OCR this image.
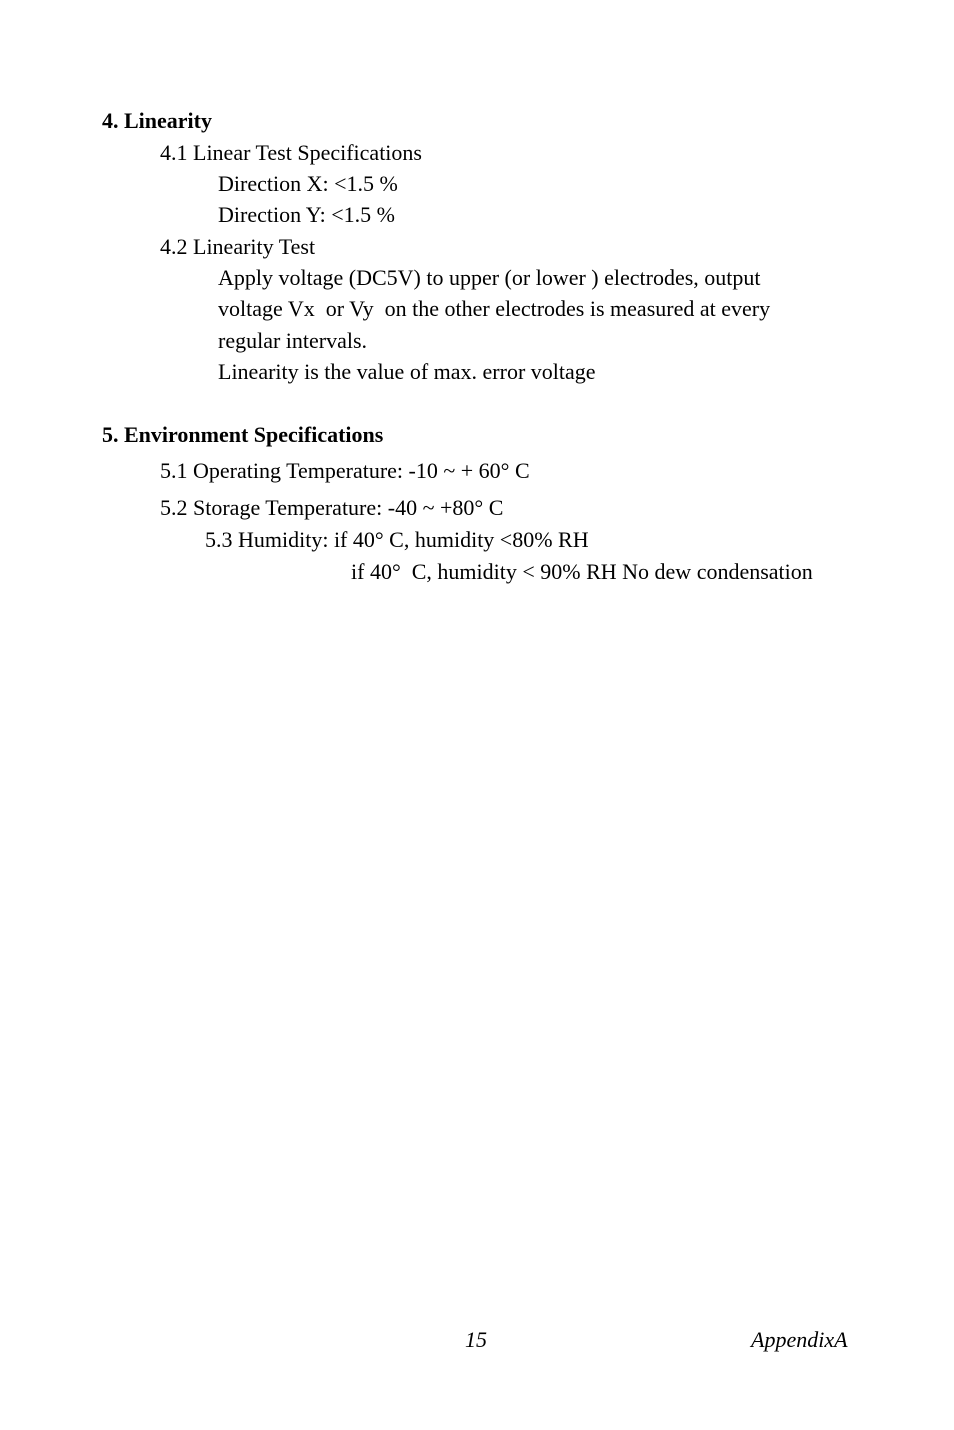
4. Linearity
4.1 Linear Test Specifications
Direction X: <1.5 %
Direction Y: <1.5 %
4.2 Linearity Test
Apply voltage (DC5V) to upper (or lower ) electrodes, output
voltage Vx  or Vy  on the other electrodes is measured at every
regular intervals.
Linearity is the value of max. error voltage
5. Environment Specifications
5.1 Operating Temperature: -10 ~ + 60° C
5.2 Storage Temperature: -40 ~ +80° C
5.3 Humidity: if 40° C, humidity <80% RH
if 40°  C, humidity < 90% RH No dew condensation
15	AppendixA
